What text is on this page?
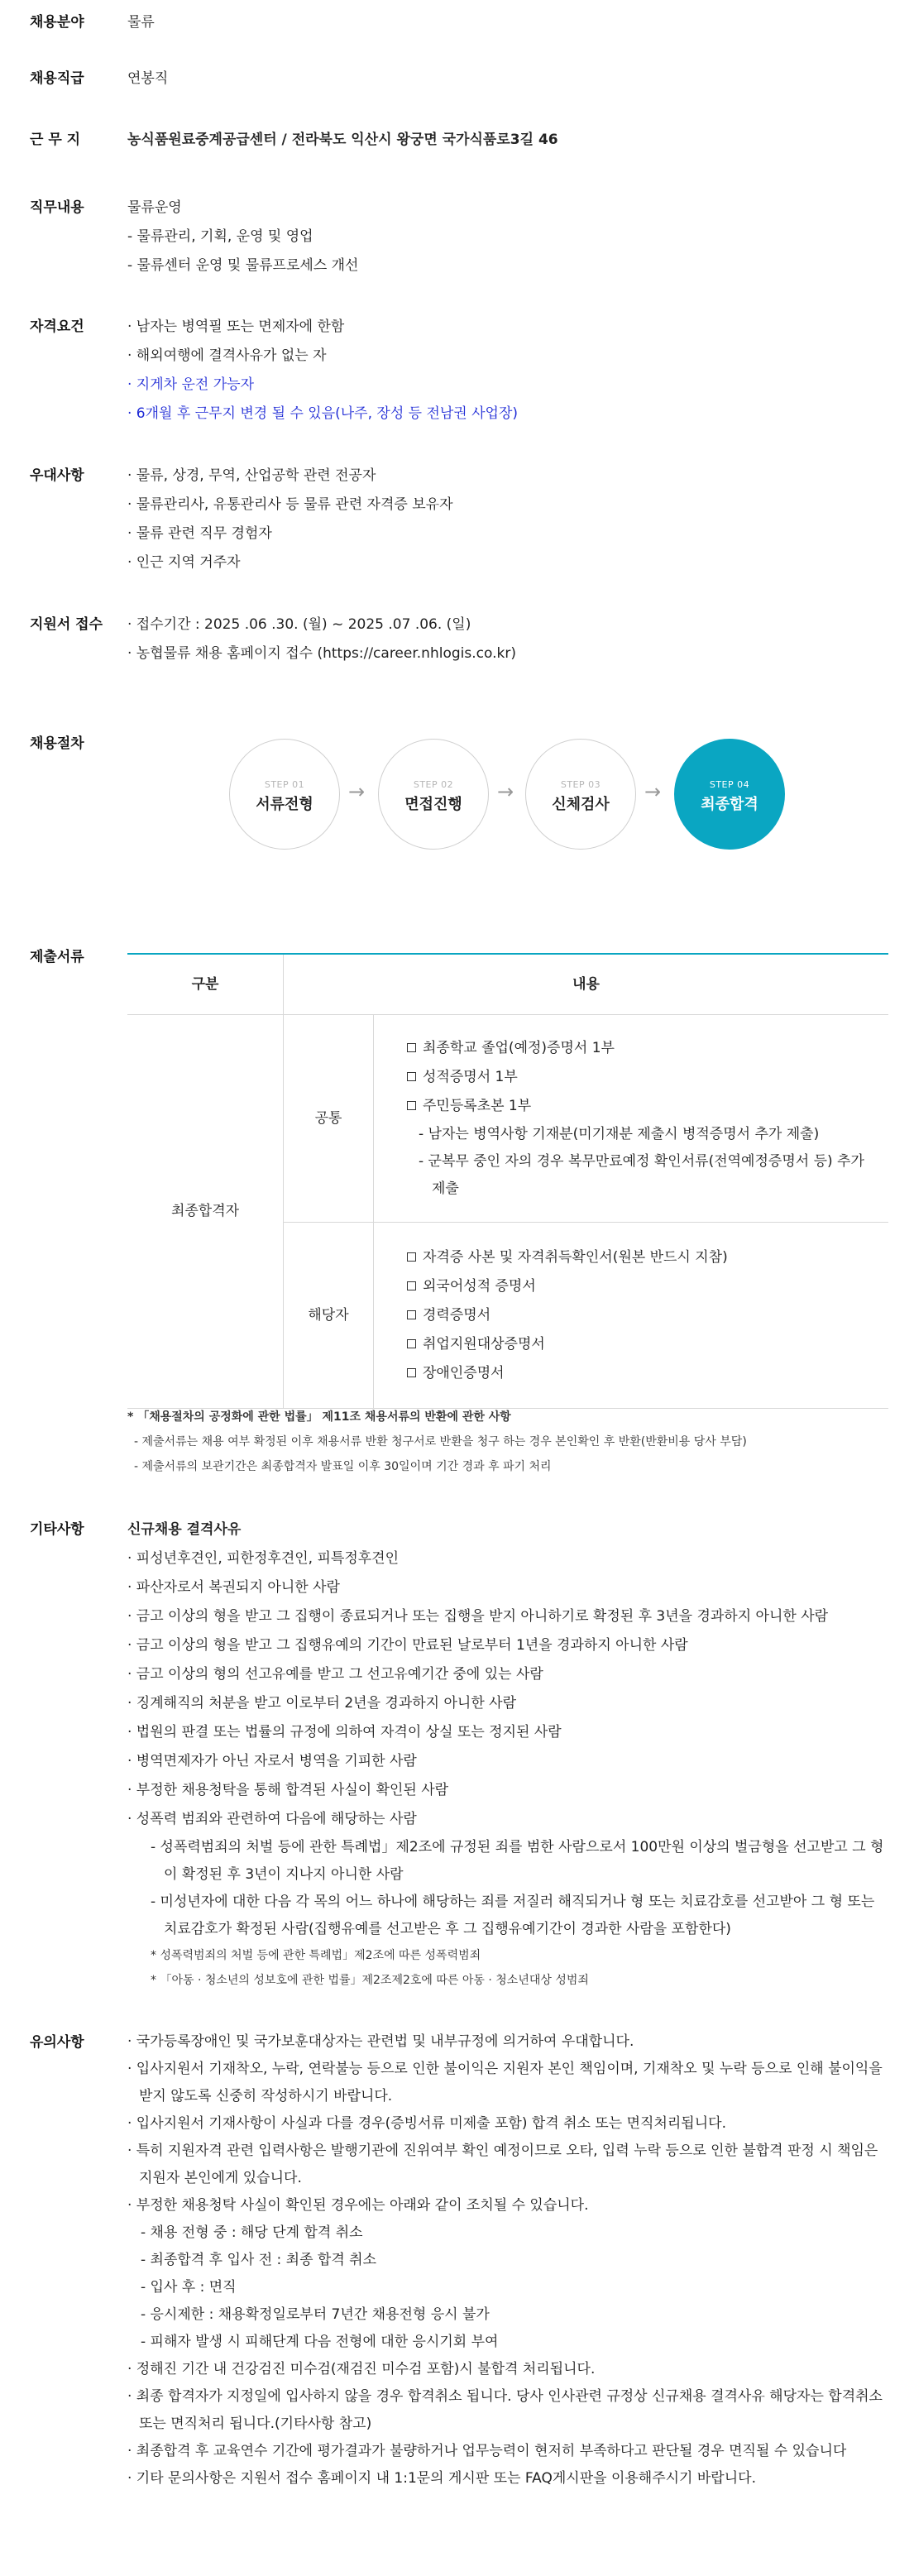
채용분야	물류
채용직급	연봉직
근 무 지	농식품원료중계공급센터 / 전라북도 익산시 왕궁면 국가식품로3길 46
직무내용	물류운영
- 물류관리, 기획, 운영 및 영업
- 물류센터 운영 및 물류프로세스 개선
자격요건	· 남자는 병역필 또는 면제자에 한함
· 해외여행에 결격사유가 없는 자
· 지게차 운전 가능자
· 6개월 후 근무지 변경 될 수 있음(나주, 장성 등 전남권 사업장)
우대사항	· 물류, 상경, 무역, 산업공학 관련 전공자
· 물류관리사, 유통관리사 등 물류 관련 자격증 보유자
· 물류 관련 직무 경험자
· 인근 지역 거주자
지원서 접수 · 접수기간 : 2025 .06 .30. (월) ~ 2025 .07 .06. (일)
· 농협물류 채용 홈페이지 접수 (https://career.nhlogis.co.kr)
채용절차
STEP 01
서류전형
→	STEP 02
면접진행
→	STEP 03
신체검사
→	STEP 04
최종합격
제출서류
구분	내용	
최종합격자	공통	최종학교 졸업(예정)증명서 1부
성적증명서 1부
주민등록초본 1부
- 남자는 병역사항 기재분(미기재분 제출시 병적증명서 추가 제출)
- 군복무 중인 자의 경우 복무만료예정 확인서류(전역예정증명서 등) 추가제출

	해당자	자격증 사본 및 자격취득확인서(원본 반드시 지참)
외국어성적 증명서
경력증명서
취업지원대상증명서
장애인증명서
* 「채용절차의 공정화에 관한 법률」 제11조 채용서류의 반환에 관한 사항
- 제출서류는 채용 여부 확정된 이후 채용서류 반환 청구서로 반환을 청구 하는 경우 본인확인 후 반환(반환비용 당사 부담)
- 제출서류의 보관기간은 최종합격자 발표일 이후 30일이며 기간 경과 후 파기 처리
기타사항	신규채용 결격사유
· 피성년후견인, 피한정후견인, 피특정후견인
· 파산자로서 복권되지 아니한 사람
· 금고 이상의 형을 받고 그 집행이 종료되거나 또는 집행을 받지 아니하기로 확정된 후 3년을 경과하지 아니한 사람
· 금고 이상의 형을 받고 그 집행유예의 기간이 만료된 날로부터 1년을 경과하지 아니한 사람
· 금고 이상의 형의 선고유예를 받고 그 선고유예기간 중에 있는 사람
· 징계해직의 처분을 받고 이로부터 2년을 경과하지 아니한 사람
· 법원의 판결 또는 법률의 규정에 의하여 자격이 상실 또는 정지된 사람
· 병역면제자가 아닌 자로서 병역을 기피한 사람
· 부정한 채용청탁을 통해 합격된 사실이 확인된 사람
· 성폭력 범죄와 관련하여 다음에 해당하는 사람
- 성폭력범죄의 처벌 등에 관한 특례법」제2조에 규정된 죄를 범한 사람으로서 100만원 이상의 벌금형을 선고받고 그 형이 확정된 후 3년이 지나지 아니한 사람
- 미성년자에 대한 다음 각 목의 어느 하나에 해당하는 죄를 저질러 해직되거나 형 또는 치료감호를 선고받아 그 형 또는 치료감호가 확정된 사람(집행유예를 선고받은 후 그 집행유예기간이 경과한 사람을 포함한다)
* 성폭력범죄의 처벌 등에 관한 특례법」제2조에 따른 성폭력범죄
* 「아동 · 청소년의 성보호에 관한 법률」제2조제2호에 따른 아동 · 청소년대상 성범죄
유의사항	· 국가등록장애인 및 국가보훈대상자는 관련법 및 내부규정에 의거하여 우대합니다.
· 입사지원서 기재착오, 누락, 연락불능 등으로 인한 불이익은 지원자 본인 책임이며, 기재착오 및 누락 등으로 인해 불이익을 받지 않도록 신중히 작성하시기 바랍니다.
· 입사지원서 기재사항이 사실과 다를 경우(증빙서류 미제출 포함) 합격 취소 또는 면직처리됩니다.
· 특히 지원자격 관련 입력사항은 발행기관에 진위여부 확인 예정이므로 오타, 입력 누락 등으로 인한 불합격 판정 시 책임은 지원자 본인에게 있습니다.
· 부정한 채용청탁 사실이 확인된 경우에는 아래와 같이 조치될 수 있습니다.
- 채용 전형 중 : 해당 단계 합격 취소
- 최종합격 후 입사 전 : 최종 합격 취소
- 입사 후 : 면직
- 응시제한 : 채용확정일로부터 7년간 채용전형 응시 불가
- 피해자 발생 시 피해단계 다음 전형에 대한 응시기회 부여
· 정해진 기간 내 건강검진 미수검(재검진 미수검 포함)시 불합격 처리됩니다.
· 최종 합격자가 지정일에 입사하지 않을 경우 합격취소 됩니다. 당사 인사관련 규정상 신규채용 결격사유 해당자는 합격취소 또는 면직처리 됩니다.(기타사항 참고)
· 최종합격 후 교육연수 기간에 평가결과가 불량하거나 업무능력이 현저히 부족하다고 판단될 경우 면직될 수 있습니다
· 기타 문의사항은 지원서 접수 홈페이지 내 1:1문의 게시판 또는 FAQ게시판을 이용해주시기 바랍니다.
